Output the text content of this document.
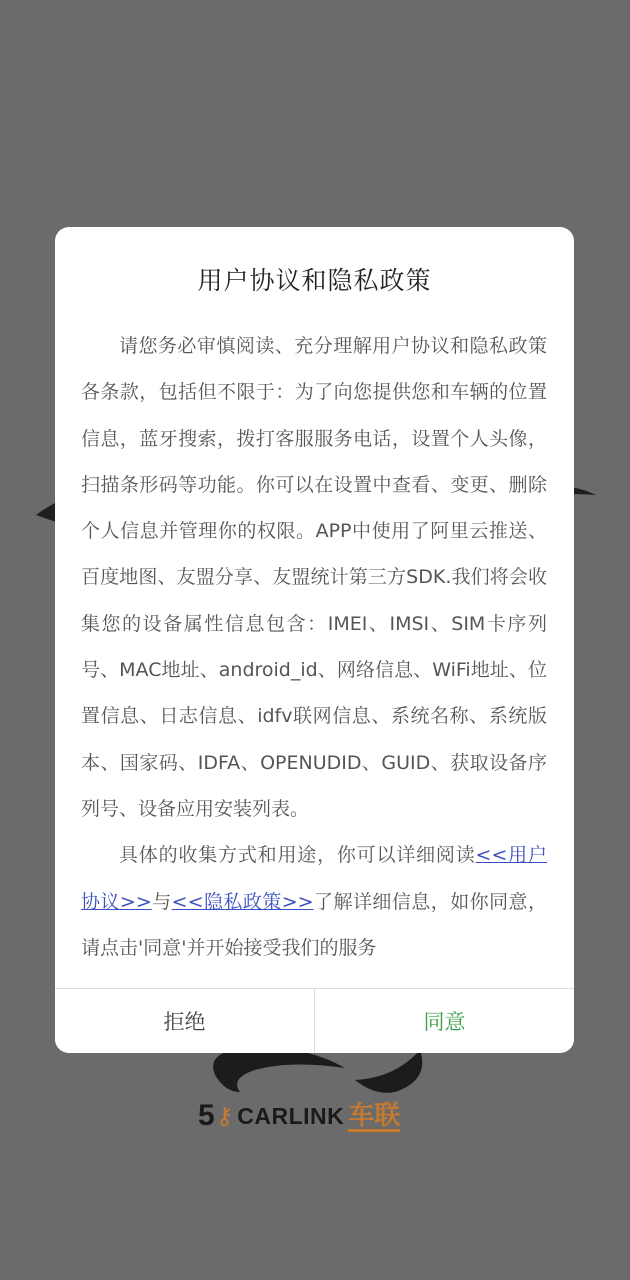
5 ⚷ CARLINK 车联
用户协议和隐私政策

请您务必审慎阅读、充分理解用户协议和隐私政策各条款，包括但不限于：为了向您提供您和车辆的位置信息，蓝牙搜索，拨打客服服务电话，设置个人头像，扫描条形码等功能。你可以在设置中查看、变更、删除个人信息并管理你的权限。APP中使用了阿里云推送、百度地图、友盟分享、友盟统计第三方SDK.我们将会收集您的设备属性信息包含：IMEI、IMSI、SIM卡序列号、MAC地址、android_id、网络信息、WiFi地址、位置信息、日志信息、idfv联网信息、系统名称、系统版本、国家码、IDFA、OPENUDID、GUID、获取设备序列号、设备应用安装列表。

具体的收集方式和用途，你可以详细阅读<<用户协议>>与<<隐私政策>>了解详细信息，如你同意，请点击'同意'并开始接受我们的服务

拒绝	同意
